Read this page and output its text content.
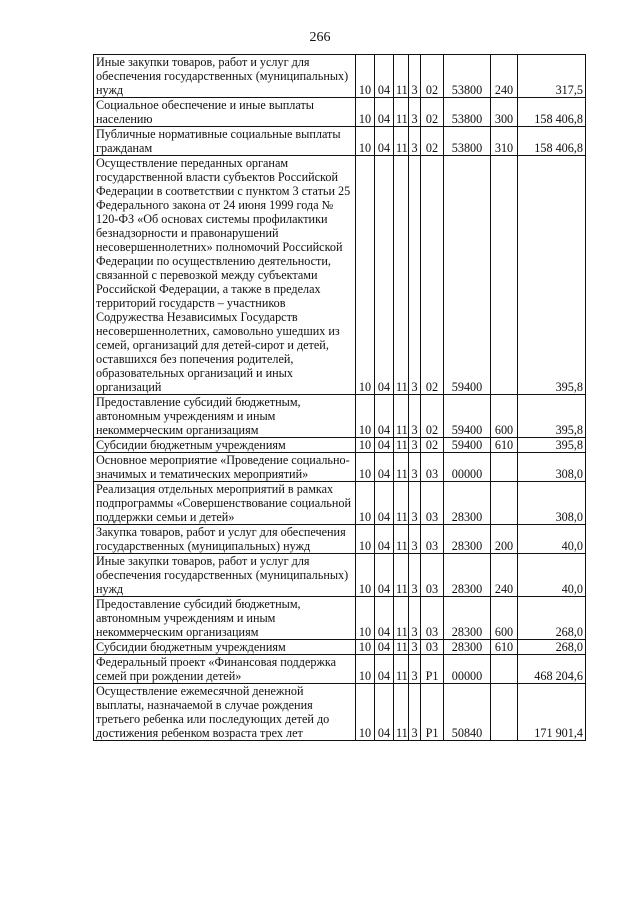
266
Иные закупки товаров, работ и услуг для обеспечения государственных (муниципальных) нужд	10	04	11	3	02	53800	240	317,5
Социальное обеспечение и иные выплаты населению	10	04	11	3	02	53800	300	158 406,8
Публичные нормативные социальные выплаты гражданам	10	04	11	3	02	53800	310	158 406,8
Осуществление переданных органам государственной власти субъектов Российской Федерации в соответствии с пунктом 3 статьи 25 Федерального закона от 24 июня 1999 года № 120-ФЗ «Об основах системы профилактики безнадзорности и правонарушений несовершеннолетних» полномочий Российской Федерации по осуществлению деятельности, связанной с перевозкой между субъектами Российской Федерации, а также в пределах территорий государств – участников Содружества Независимых Государств несовершеннолетних, самовольно ушедших из семей, организаций для детей-сирот и детей, оставшихся без попечения родителей, образовательных организаций и иных организаций	10	04	11	3	02	59400		395,8
Предоставление субсидий бюджетным, автономным учреждениям и иным некоммерческим организациям	10	04	11	3	02	59400	600	395,8
Субсидии бюджетным учреждениям	10	04	11	3	02	59400	610	395,8
Основное мероприятие «Проведение социально-значимых и тематических мероприятий»	10	04	11	3	03	00000		308,0
Реализация отдельных мероприятий в рамках подпрограммы «Совершенствование социальной поддержки семьи и детей»	10	04	11	3	03	28300		308,0
Закупка товаров, работ и услуг для обеспечения государственных (муниципальных) нужд	10	04	11	3	03	28300	200	40,0
Иные закупки товаров, работ и услуг для обеспечения государственных (муниципальных) нужд	10	04	11	3	03	28300	240	40,0
Предоставление субсидий бюджетным, автономным учреждениям и иным некоммерческим организациям	10	04	11	3	03	28300	600	268,0
Субсидии бюджетным учреждениям	10	04	11	3	03	28300	610	268,0
Федеральный проект «Финансовая поддержка семей при рождении детей»	10	04	11	3	P1	00000		468 204,6
Осуществление ежемесячной денежной выплаты, назначаемой в случае рождения третьего ребенка или последующих детей до достижения ребенком возраста трех лет	10	04	11	3	P1	50840		171 901,4
